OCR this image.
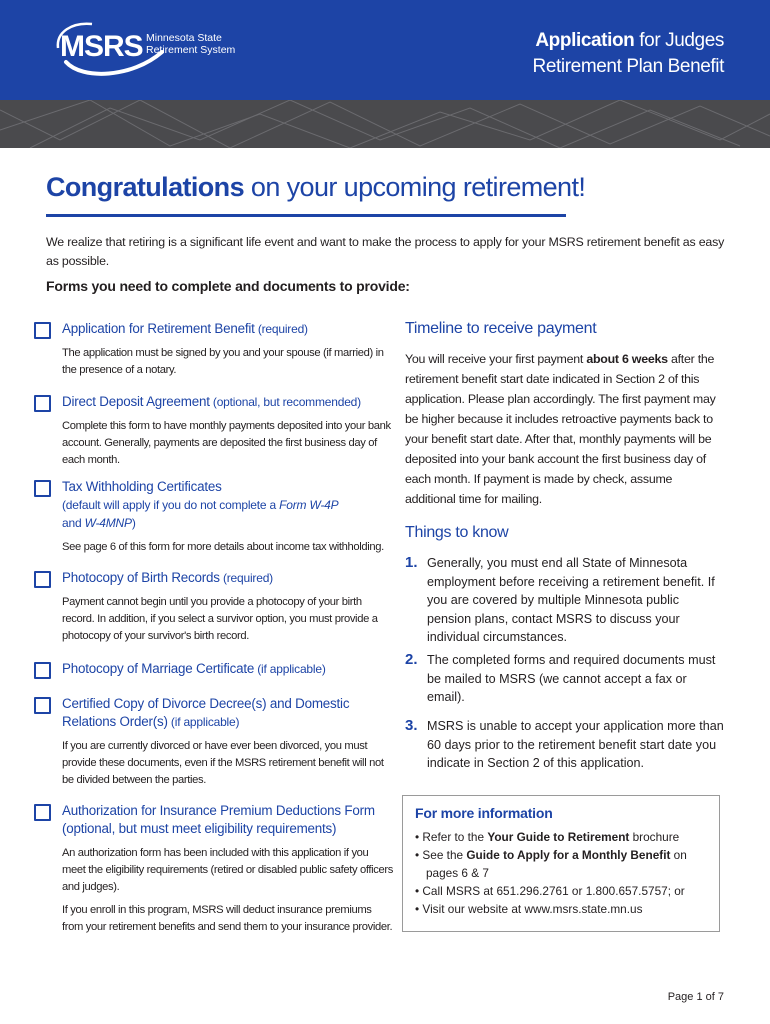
MSRS Minnesota State
Retirement System	Application for Judges
Retirement Plan Benefit
Congratulations on your upcoming retirement!
We realize that retiring is a significant life event and want to make the process to apply for your MSRS retirement benefit as easy as possible.
Forms you need to complete and documents to provide:
Application for Retirement Benefit (required)
The application must be signed by you and your spouse (if married) in the presence of a notary.
Direct Deposit Agreement (optional, but recommended)
Complete this form to have monthly payments deposited into your bank account. Generally, payments are deposited the first business day of each month.
Tax Withholding Certificates
(default will apply if you do not complete a Form W-4P
and W-4MNP)
See page 6 of this form for more details about income tax withholding.
Photocopy of Birth Records (required)
Payment cannot begin until you provide a photocopy of your birth record. In addition, if you select a survivor option, you must provide a photocopy of your survivor's birth record.
Photocopy of Marriage Certificate (if applicable)
Certified Copy of Divorce Decree(s) and Domestic Relations Order(s) (if applicable)
If you are currently divorced or have ever been divorced, you must provide these documents, even if the MSRS retirement benefit will not be divided between the parties.
Authorization for Insurance Premium Deductions Form (optional, but must meet eligibility requirements)
An authorization form has been included with this application if you meet the eligibility requirements (retired or disabled public safety officers and judges).
If you enroll in this program, MSRS will deduct insurance premiums from your retirement benefits and send them to your insurance provider.
Timeline to receive payment
You will receive your first payment about 6 weeks after the retirement benefit start date indicated in Section 2 of this application. Please plan accordingly. The first payment may be higher because it includes retroactive payments back to your benefit start date. After that, monthly payments will be deposited into your bank account the first business day of each month. If payment is made by check, assume additional time for mailing.
Things to know
1. Generally, you must end all State of Minnesota employment before receiving a retirement benefit. If you are covered by multiple Minnesota public pension plans, contact MSRS to discuss your individual circumstances.
2. The completed forms and required documents must be mailed to MSRS (we cannot accept a fax or email).
3. MSRS is unable to accept your application more than 60 days prior to the retirement benefit start date you indicate in Section 2 of this application.
For more information
• Refer to the Your Guide to Retirement brochure
• See the Guide to Apply for a Monthly Benefit on pages 6 & 7
• Call MSRS at 651.296.2761 or 1.800.657.5757; or
• Visit our website at www.msrs.state.mn.us
Page 1 of 7
